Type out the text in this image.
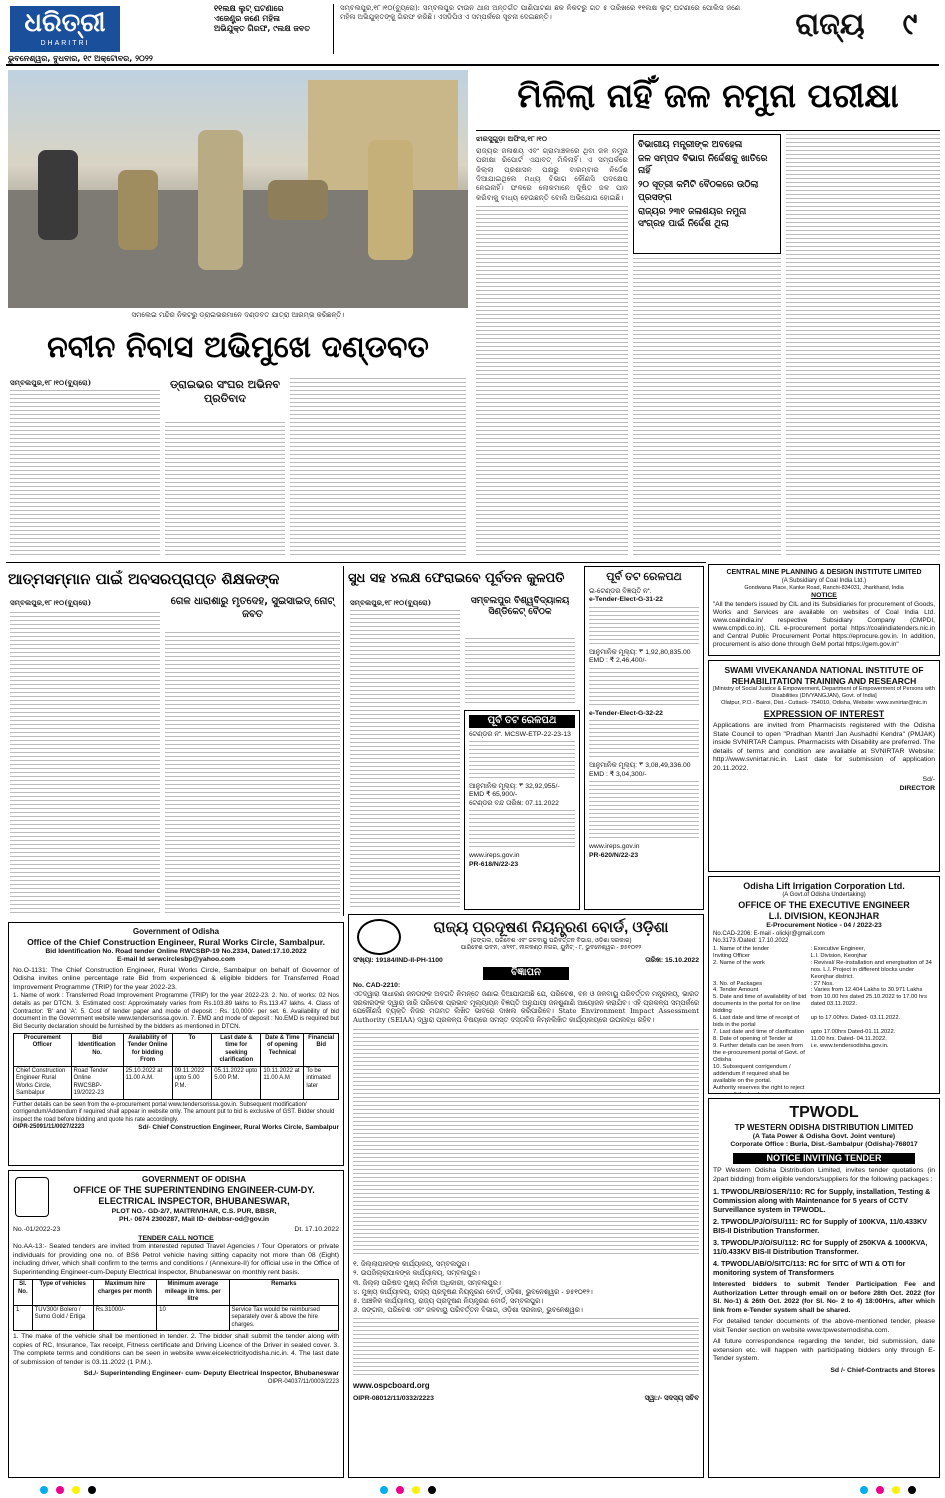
ଧରିତ୍ରୀ
DHARITRI
ଭୁବନେଶ୍ୱର, ବୁଧବାର, ୧୯ ଅକ୍ଟୋବର, ୨୦୨୨
୧୧ଲକ୍ଷ ଲୁଟ୍ ଘଟଣାରେ
ଏଜେଣ୍ଟ୍ର ଜଣେ ମହିଳା
ଅଭିଯୁକ୍ତ ଗିରଫ, ୯ଲକ୍ଷ ଜବତ
ସମ୍ବଲପୁର,୧୮।୧୦(ବ୍ୟୁରୋ): ସମ୍ବଲପୁର ଟାଉନ ଥାନା ଅନ୍ତର୍ଗତ ପାଣିପାଟଣା ଛକ ନିକଟରୁ ଗତ ୫ ତାରିଖରେ ୧୧ଲକ୍ଷ ଲୁଟ୍ ଘଟଣାରେ ପୋଲିସ ଜଣେ ମହିଳା ଅଭିଯୁକ୍ତଙ୍କୁ ଗିରଫ କରିଛି। ଏସଡିପିଓ ଏ ସମ୍ପର୍କରେ ସୂଚନା ଦେଇଛନ୍ତି।	ରାଜ୍ୟ	୯
ସମଲେଇ ମନ୍ଦିର ନିକଟରୁ ଡ୍ରାଇଭରମାନେ ଦଣ୍ଡବତ ଯାତ୍ରା ଆରମ୍ଭ କରିଛନ୍ତି।
ମିଳିଲା ନାହିଁ ଜଳ ନମୁନା ପରୀକ୍ଷା
ଝାରସୁଗୁଡ଼ା ଅଫିସ,୧୮।୧୦
ରାଜ୍ୟର ଜଳାଶୟ ଏବଂ ଗ୍ରାମାଞ୍ଚଳରେ ଥିବା ଜଳ ନମୁନା ପରୀକ୍ଷା ରିପୋର୍ଟ ଏଯାବତ୍ ମିଳିନାହିଁ। ଏ ସମ୍ପର୍କରେ ଜିଲ୍ଲା ପ୍ରଶାସନ ପକ୍ଷରୁ ବାରମ୍ବାର ନିର୍ଦ୍ଦେଶ ଦିଆଯାଇଥିଲେ ମଧ୍ୟ ବିଭାଗ କୌଣସି ପଦକ୍ଷେପ ନେଇନାହିଁ। ଫଳରେ ଲୋକମାନେ ଦୂଷିତ ଜଳ ପାନ କରିବାକୁ ବାଧ୍ୟ ହେଉଛନ୍ତି ବୋଲି ଅଭିଯୋଗ ହୋଇଛି।
ବିଭାଗୀୟ ମନ୍ତ୍ରୀଙ୍କ ଅବହେଳା
ଜଳ ସମ୍ପଦ ବିଭାଗ ନିର୍ଦ୍ଦେଶକୁ ଖାତିରେ ନାହିଁ
୨୦ ସୂତ୍ରୀ କମିଟି ବୈଠକରେ ଉଠିଲା ପ୍ରସଙ୍ଗ
ରାଜ୍ୟର ୨୩୧ ଜଳାଶୟର ନମୁନା ସଂଗ୍ରହ ପାଇଁ ନିର୍ଦ୍ଦେଶ ଥିଲା
ନବୀନ ନିବାସ ଅଭିମୁଖେ ଦଣ୍ଡବତ
ସମ୍ବଲପୁର,୧୮।୧୦(ବ୍ୟୁରୋ)	ଡ୍ରାଇଭର ସଂଘର ଅଭିନବ ପ୍ରତିବାଦ
ଆତ୍ମସମ୍ମାନ ପାଇଁ ଅବସରପ୍ରାପ୍ତ ଶିକ୍ଷକଙ୍କ
ସମ୍ବଲପୁର,୧୮।୧୦(ବ୍ୟୁରୋ)	ଗେଳ ଧାରାଶାରୁ ମୃତଦେହ, ସୁଇସାଇଡ୍ ନୋଟ୍ ଜବତ
ସୁଧ ସହ ୪ଲକ୍ଷ ଫେରାଇବେ ପୂର୍ବତନ କୁଳପତି
ସମ୍ବଲପୁର,୧୮।୧୦(ବ୍ୟୁରୋ)	ସମ୍ବଲପୁର ବିଶ୍ୱବିଦ୍ୟାଳୟ ସିଣ୍ଡିକେଟ୍ ବୈଠକ
ପୂର୍ବ ତଟ ରେଳପଥ

ଟେଣ୍ଡର ନଂ. MCSW-ETP-22-23-13

ଆନୁମାନିକ ମୂଲ୍ୟ: ₹ 32,92,955/-

EMD ₹ 65,900/-

ଟେଣ୍ଡର ବନ୍ଦ ତାରିଖ: 07.11.2022

www.ireps.gov.in

PR-618/N/22-23

ପୂର୍ବ ତଟ ରେଳପଥ

ଇ-ଟେଣ୍ଡର ବିଜ୍ଞପ୍ତି ନଂ.

e-Tender-Elect-G-31-22

ଆନୁମାନିକ ମୂଲ୍ୟ: ₹ 1,92,80,835.00

EMD : ₹ 2,46,400/-

e-Tender-Elect-G-32-22

ଆନୁମାନିକ ମୂଲ୍ୟ: ₹ 3,08,49,336.00

EMD : ₹ 3,04,300/-

www.ireps.gov.in

PR-620/N/22-23

CENTRAL MINE PLANNING & DESIGN INSTITUTE LIMITED

(A Subsidiary of Coal India Ltd.)

Gondwana Place, Kanke Road, Ranchi-834031, Jharkhand, India

NOTICE

"All the tenders issued by CIL and its Subsidiaries for procurement of Goods, Works and Services are available on websites of Coal India Ltd. www.coalindia.in/ respective Subsidiary Company (CMPDI, www.cmpdi.co.in), CIL e-procurement portal https://coalindiatenders.nic.in and Central Public Procurement Portal https://eprocure.gov.in. In addition, procurement is also done through GeM portal https://gem.gov.in"

SWAMI VIVEKANANDA NATIONAL INSTITUTE OF REHABILITATION TRAINING AND RESEARCH

[Ministry of Social Justice & Empowerment, Department of Empowerment of Persons with Disabilities (DIVYANGJAN), Govt. of India]

Olatpur, P.O.- Bairoi, Dist.- Cuttack- 754010, Odisha, Website: www.svnirtar@nic.in

EXPRESSION OF INTEREST

Applications are invited from Pharmacists registered with the Odisha State Council to open "Pradhan Mantri Jan Aushadhi Kendra" (PMJAK) inside SVNIRTAR Campus. Pharmacists with Disability are preferred. The details of terms and condition are available at SVNIRTAR Website: http://www.svnirtar.nic.in. Last date for submission of application 20.11.2022.

Sd/-

DIRECTOR

Odisha Lift Irrigation Corporation Ltd.

(A Govt.of Odisha Undertaking)

OFFICE OF THE EXECUTIVE ENGINEER

L.I. DIVISION, KEONJHAR

E-Procurement Notice - 04 / 2022-23

No.CAD-2206: E-mail - olickjr@gmail.com

No.3173 /Dated: 17.10.2022

1. Name of the tender	: Executive Engineer,
Inviting Officer	L.I. Division, Keonjhar
2. Name of the work	: Revival/ Re-installation and energisation of 34 nos. L.I. Project in different blocks under Keonjhar district.
3. No. of Packages	: 27 Nos.
4. Tender Amount	: Varies from 12.404 Lakhs to 30.971 Lakhs
5. Date and time of availability of bid documents in the portal for on line bidding
from 10.00 hrs dated 25.10.2022 to 17.00 hrs dated 03.11.2022.
6. Last date and time of receipt of bids in the portal
up to 17.00hrs. Dated- 03.11.2022.
7. Last date and time of clarification	upto 17.00hrs Dated-01.11.2022.
8. Date of opening of Tender at	11.00 hrs. Dated- 04.11.2022.
9. Further details can be seen from the e-procurement portal of Govt. of Odisha
i.e. www.tendersodisha.gov.in.
10. Subsequent corrigendum / addendum if required shall be available on the portal.
Authority reserves the right to reject

TPWODL

TP WESTERN ODISHA DISTRIBUTION LIMITED

(A Tata Power & Odisha Govt. Joint venture)

Corporate Office : Burla, Dist.-Sambalpur (Odisha)-768017

NOTICE INVITING TENDER

TP Western Odisha Distribution Limited, invites tender quotations (in 2part bidding) from eligible vendors/suppliers for the following packages :

1. TPWODL/RB/OSER/110: RC for Supply, installation, Testing & Commission along with Maintenance for 5 years of CCTV Surveillance system in TPWODL.

2. TPWODL/PJ/O/SU/111: RC for Supply of 100KVA, 11/0.433KV BIS-II Distribution Transformer.

3. TPWODL/PJ/O/SU/112: RC for Supply of 250KVA & 1000KVA, 11/0.433KV BIS-II Distribution Transformer.

4. TPWODL/AB/O/SITC/113: RC for SITC of WTI & OTI for monitoring system of Transformers

Interested bidders to submit Tender Participation Fee and Authorization Letter through email on or before 28th Oct. 2022 (for Sl. No-1) & 26th Oct. 2022 (for Sl. No- 2 to 4) 18:00Hrs, after which link from e-Tender system shall be shared.

For detailed tender documents of the above-mentioned tender, please visit Tender section on website www.tpwesternodisha.com.

All future correspondence regarding the tender, bid submission, date extension etc. will happen with participating bidders only through E-Tender system.

Sd /- Chief-Contracts and Stores

ରାଜ୍ୟ ପ୍ରଦୂଷଣ ନିୟନ୍ତ୍ରଣ ବୋର୍ଡ, ଓଡ଼ିଶା

(ଜଙ୍ଗଲ, ପରିବେଶ ଏବଂ ଜଳବାୟୁ ପରିବର୍ତ୍ତନ ବିଭାଗ, ଓଡ଼ିଶା ସରକାର)

ପାରିବେଶ ଭବନ, ଏ/୧୧୮, ନୀଳକଣ୍ଠ ନଗର, ୟୁନିଟ୍ - ୮, ଭୁବନେଶ୍ୱର - ୭୫୧୦୧୨

ସଂଖ୍ୟା: 19184/IND-II-PH-1100	ତାରିଖ: 15.10.2022

ବିଜ୍ଞାପନ

No. CAD-2210:

ଏତଦ୍ୱାରା ସାଧାରଣ ଜନତାଙ୍କ ଅବଗତି ନିମନ୍ତେ ଜଣାଇ ଦିଆଯାଉଅଛି ଯେ, ପରିବେଶ, ବନ ଓ ଜଳବାୟୁ ପରିବର୍ତ୍ତନ ମନ୍ତ୍ରାଳୟ, ଭାରତ ସରକାରଙ୍କ ଦ୍ୱାରା ଜାରି ପରିବେଶ ପ୍ରଭାବ ମୂଲ୍ୟାୟନ ବିଜ୍ଞପ୍ତି ଅନୁଯାୟୀ ଜନଶୁଣାଣି ଆୟୋଜନ କରାଯିବ। ଏହି ପ୍ରକଳ୍ପ ସମ୍ପର୍କରେ ଯେକୌଣସି ବ୍ୟକ୍ତି ନିଜର ମତାମତ ଲିଖିତ ଭାବରେ ଦାଖଲ କରିପାରିବେ। State Environment Impact Assessment Authority (SEIAA) ଦ୍ୱାରା ପ୍ରକଳ୍ପ ବିଷୟରେ ସମସ୍ତ ଦସ୍ତାବିଜ ନିମ୍ନଲିଖିତ କାର୍ଯ୍ୟାଳୟରେ ଉପଲବ୍ଧ ରହିବ।

୧. ଜିଲ୍ଲାପାଳଙ୍କ କାର୍ଯ୍ୟାଳୟ, ସମ୍ବଲପୁର।
୨. ଉପଜିଲ୍ଲାପାଳଙ୍କ କାର୍ଯ୍ୟାଳୟ, ସମ୍ବଲପୁର।
୩. ଜିଲ୍ଲା ପରିଷଦ ମୁଖ୍ୟ ନିର୍ବାହୀ ଅଧିକାରୀ, ସମ୍ବଲପୁର।
୪. ମୁଖ୍ୟ କାର୍ଯ୍ୟାଳୟ, ରାଜ୍ୟ ପ୍ରଦୂଷଣ ନିୟନ୍ତ୍ରଣ ବୋର୍ଡ, ଓଡ଼ିଶା, ଭୁବନେଶ୍ୱର - ୭୫୧୦୧୨।
୫. ଆଞ୍ଚଳିକ କାର୍ଯ୍ୟାଳୟ, ରାଜ୍ୟ ପ୍ରଦୂଷଣ ନିୟନ୍ତ୍ରଣ ବୋର୍ଡ, ସମ୍ବଲପୁର।
୬. ଜଙ୍ଗଲ, ପରିବେଶ ଏବଂ ଜଳବାୟୁ ପରିବର୍ତ୍ତନ ବିଭାଗ, ଓଡ଼ିଶା ସରକାର, ଭୁବନେଶ୍ୱର।

www.ospcboard.org

OIPR-08012/11/0332/2223	ସ୍ୱା:/- ସଦସ୍ୟ ସଚିବ

Government of Odisha

Office of the Chief Construction Engineer, Rural Works Circle, Sambalpur.

Bid Identification No. Road tender Online RWCSBP-19 No.2334, Dated:17.10.2022

E-mail Id serwcirclesbp@yahoo.com

No.O-1131: The Chief Construction Engineer, Rural Works Circle, Sambalpur on behalf of Governor of Odisha invites online percentage rate Bid from experienced & eligible bidders for Transferred Road Improvement Programme (TRIP) for the year 2022-23.

1. Name of work : Transferred Road Improvement Programme (TRIP) for the year 2022-23. 2. No. of works: 02 Nos details as per DTCN. 3. Estimated cost: Approximately varies from Rs.103.89 lakhs to Rs.113.47 lakhs. 4. Class of Contractor: 'B' and 'A'. 5. Cost of tender paper and mode of deposit : Rs. 10,000/- per set. 6. Availability of bid document in the Government website www.tendersorissa.gov.in. 7. EMD and mode of deposit : No.EMD is required but Bid Security declaration should be furnished by the bidders as mentioned in DTCN.

Procurement Officer	Bid Identification No.	Availability of Tender Online for bidding From	To	Last date & time for seeking clarification	Date & Time of opening Technical	Financial Bid
Chief Construction Engineer Rural Works Circle, Sambalpur	Road Tender Online RWCSBP-19/2022-23	25.10.2022 at 11.00 A.M.	09.11.2022 upto 5.00 P.M.	05.11.2022 upto 5.00 P.M.	10.11.2022 at 11.00 A.M	To be intimated later

Further details can be seen from the e-procurement portal www.tendersorissa.gov.in. Subsequent modification/ corrigendum/Addendum if required shall appear in website only. The amount put to bid is exclusive of GST. Bidder should inspect the road before bidding and quote his rate accordingly.

OIPR-25091/11/0027/2223	Sd/- Chief Construction Engineer, Rural Works Circle, Sambalpur

GOVERNMENT OF ODISHA

OFFICE OF THE SUPERINTENDING ENGINEER-CUM-DY. ELECTRICAL INSPECTOR, BHUBANESWAR,

PLOT NO.- GD-2/7, MAITRIVIHAR, C.S. PUR, BBSR,

PH.- 0674 2300287, Mail ID- deibbsr-od@gov.in

No.-01/2022-23	Dt. 17.10.2022

TENDER CALL NOTICE

No.AA-13:- Sealed tenders are invited from interested reputed Travel Agencies / Tour Operators or private individuals for providing one no. of BS6 Petrol vehicle having sitting capacity not more than 08 (Eight) including driver, which shall confirm to the terms and conditions / (Annexure-II) for official use in the Office of Superintending Engineer-cum-Deputy Electrical Inspector, Bhubaneswar on monthly rent basis.

Sl. No.	Type of vehicles	Maximum hire charges per month	Minimum average mileage in kms. per litre	Remarks
1	TUV300/ Bolero / Sumo Gold / Ertiga	Rs.31000/-	10	Service Tax would be reimbursed separately over & above the hire charges.

1. The make of the vehicle shall be mentioned in tender. 2. The bidder shall submit the tender along with copies of RC, Insurance, Tax receipt, Fitness certificate and Driving Licence of the Driver in sealed cover. 3. The complete terms and conditions can be seen in website www.eicelectricityodisha.nic.in. 4. The last date of submission of tender is 03.11.2022 (1 P.M.).

Sd./- Superintending Engineer- cum- Deputy Electrical Inspector, Bhubaneswar

OIPR-04037/11/0003/2223
